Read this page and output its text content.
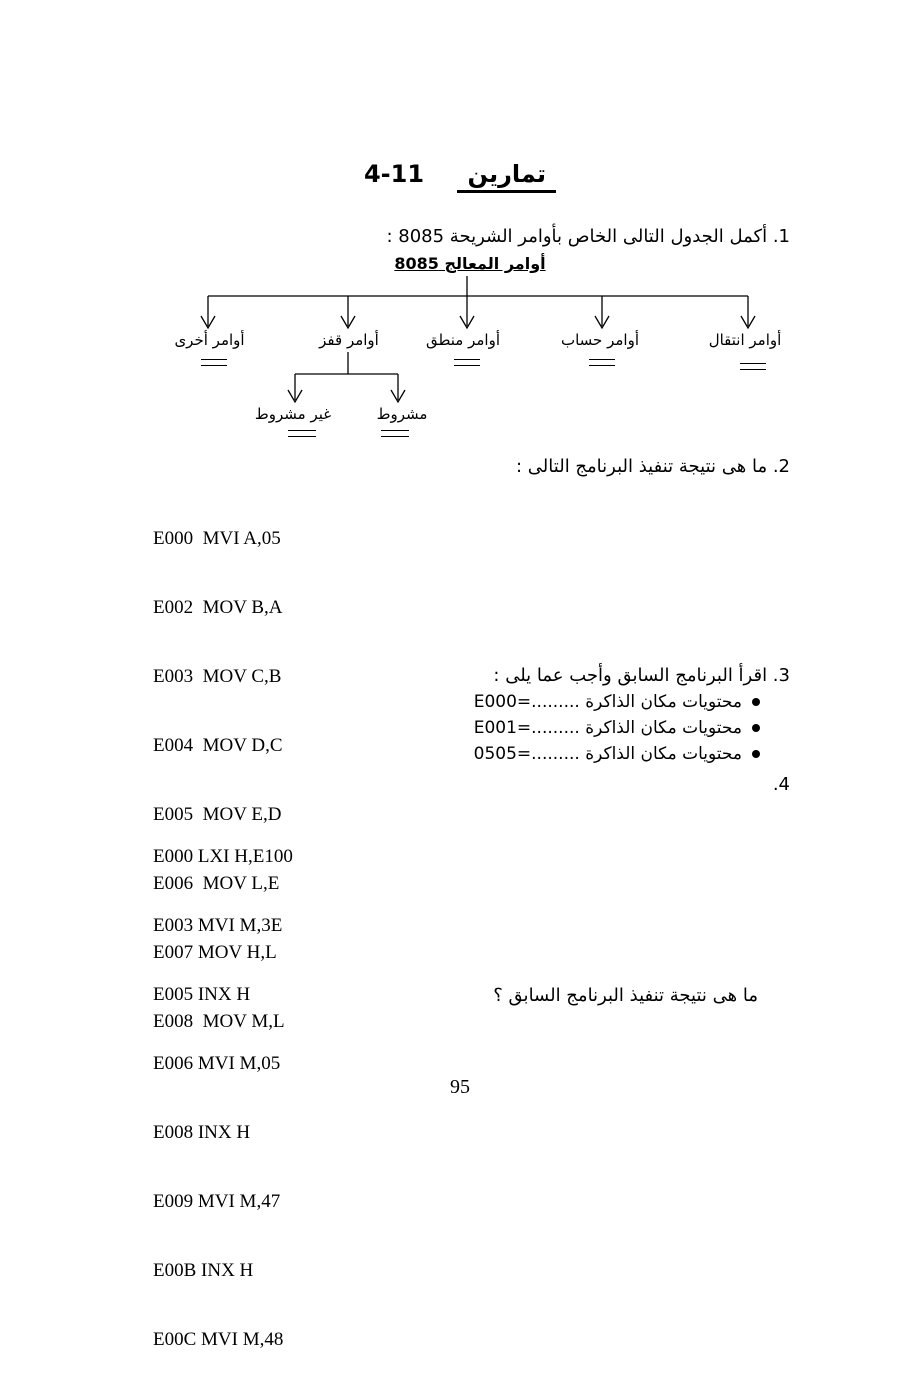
4-11 تمارين
1. أكمل الجدول التالى الخاص بأوامر الشريحة 8085 :
أوامر المعالج 8085
أوامر انتقال
أوامر حساب
أوامر منطق
أوامر قفز
أوامر أخرى
مشروط
غير مشروط
2. ما هى نتيجة تنفيذ البرنامج التالى :

E000  MVI A,05

E002  MOV B,A

E003  MOV C,B

E004  MOV D,C

E005  MOV E,D

E006  MOV L,E

E007 MOV H,L

E008  MOV M,L

3. اقرأ البرنامج السابق وأجب عما يلى :
محتويات مكان الذاكرة .........=E000
محتويات مكان الذاكرة .........=E001
محتويات مكان الذاكرة .........=0505
.4

E000 LXI H,E100

E003 MVI M,3E

E005 INX H

E006 MVI M,05

E008 INX H

E009 MVI M,47

E00B INX H

E00C MVI M,48

ما هى نتيجة تنفيذ البرنامج السابق ؟
95
